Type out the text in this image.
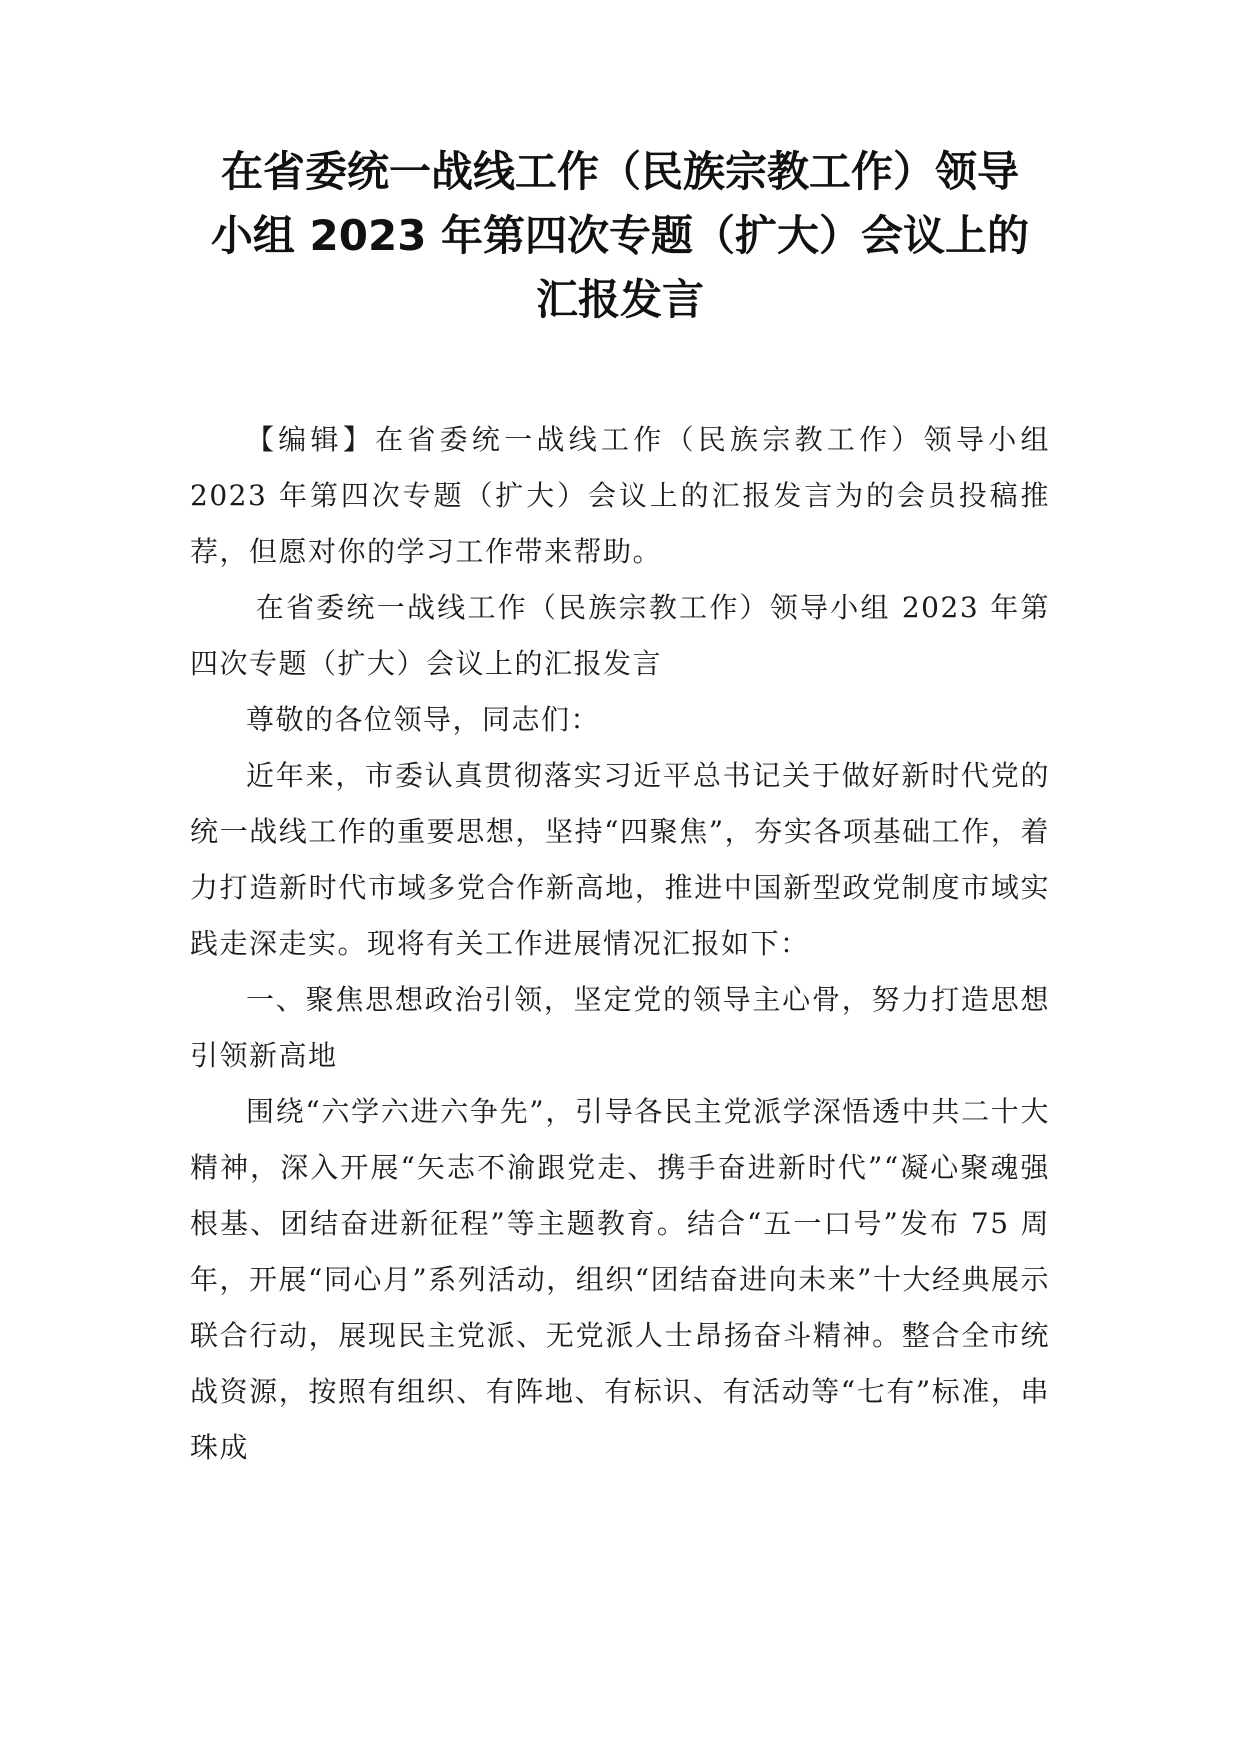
在省委统一战线工作（民族宗教工作）领导
小组 2023 年第四次专题（扩大）会议上的
汇报发言

【编辑】在省委统一战线工作（民族宗教工作）领导小组 2023 年第四次专题（扩大）会议上的汇报发言为的会员投稿推荐，但愿对你的学习工作带来帮助。

在省委统一战线工作（民族宗教工作）领导小组 2023 年第四次专题（扩大）会议上的汇报发言

尊敬的各位领导，同志们：

近年来，市委认真贯彻落实习近平总书记关于做好新时代党的统一战线工作的重要思想，坚持“四聚焦”，夯实各项基础工作，着力打造新时代市域多党合作新高地，推进中国新型政党制度市域实践走深走实。现将有关工作进展情况汇报如下：

一、聚焦思想政治引领，坚定党的领导主心骨，努力打造思想引领新高地

围绕“六学六进六争先”，引导各民主党派学深悟透中共二十大精神，深入开展“矢志不渝跟党走、携手奋进新时代”“凝心聚魂强根基、团结奋进新征程”等主题教育。结合“五一口号”发布 75 周年，开展“同心月”系列活动，组织“团结奋进向未来”十大经典展示联合行动，展现民主党派、无党派人士昂扬奋斗精神。整合全市统战资源，按照有组织、有阵地、有标识、有活动等“七有”标准，串珠成
